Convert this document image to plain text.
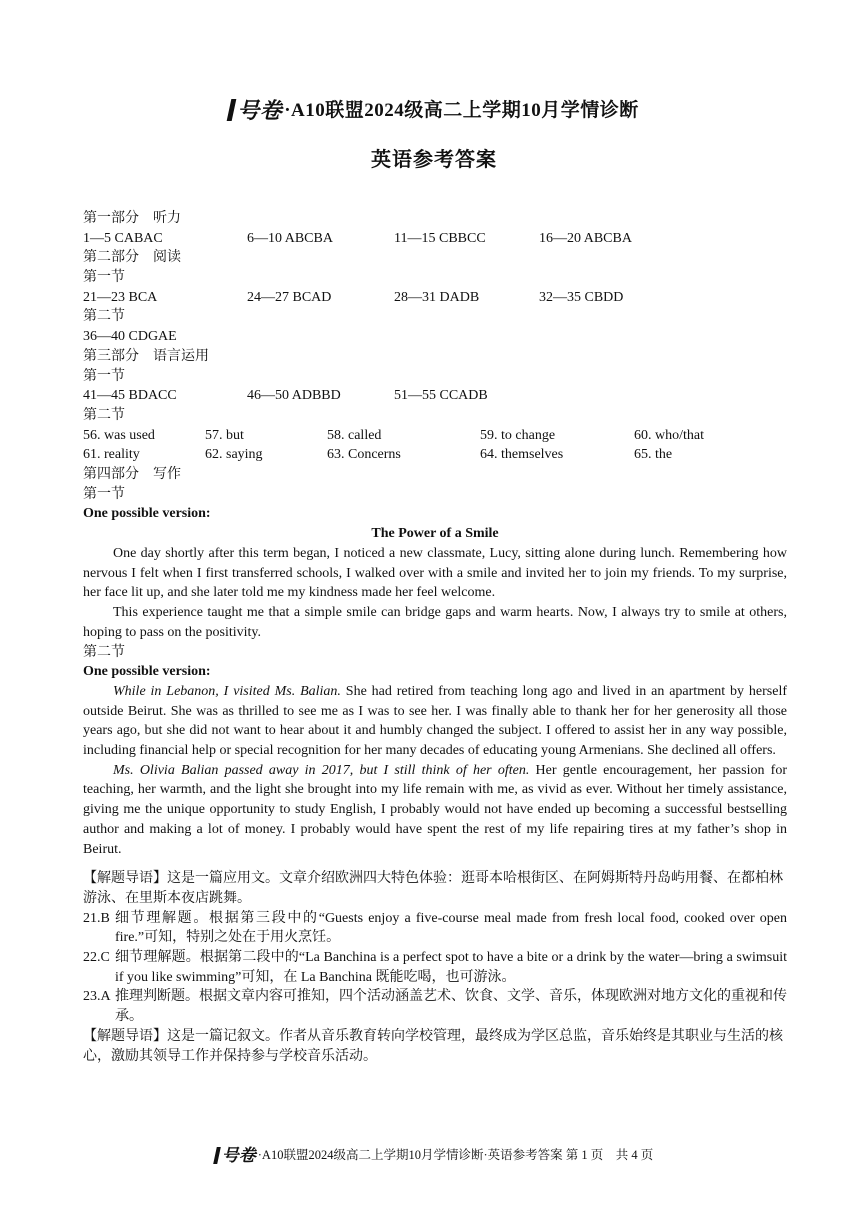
号卷 ·A10联盟2024级高二上学期10月学情诊断
英语参考答案
第一部分　听力
1—5 CABAC	6—10 ABCBA	11—15 CBBCC	16—20 ABCBA
第二部分　阅读
第一节
21—23 BCA	24—27 BCAD	28—31 DADB	32—35 CBDD
第二节
36—40 CDGAE
第三部分　语言运用
第一节
41—45 BDACC	46—50 ADBBD	51—55 CCADB
第二节
56. was used	57. but	58. called	59. to change	60. who/that
61. reality	62. saying	63. Concerns	64. themselves	65. the
第四部分　写作
第一节
One possible version:
The Power of a Smile

One day shortly after this term began, I noticed a new classmate, Lucy, sitting alone during lunch. Remembering how nervous I felt when I first transferred schools, I walked over with a smile and invited her to join my friends. To my surprise, her face lit up, and she later told me my kindness made her feel welcome.

This experience taught me that a simple smile can bridge gaps and warm hearts. Now, I always try to smile at others, hoping to pass on the positivity.

第二节
One possible version:

While in Lebanon, I visited Ms. Balian. She had retired from teaching long ago and lived in an apartment by herself outside Beirut. She was as thrilled to see me as I was to see her. I was finally able to thank her for her generosity all those years ago, but she did not want to hear about it and humbly changed the subject. I offered to assist her in any way possible, including financial help or special recognition for her many decades of educating young Armenians. She declined all offers.

Ms. Olivia Balian passed away in 2017, but I still think of her often. Her gentle encouragement, her passion for teaching, her warmth, and the light she brought into my life remain with me, as vivid as ever. Without her timely assistance, giving me the unique opportunity to study English, I probably would not have ended up becoming a successful bestselling author and making a lot of money. I probably would have spent the rest of my life repairing tires at my father’s shop in Beirut.

【解题导语】这是一篇应用文。文章介绍欧洲四大特色体验：逛哥本哈根街区、在阿姆斯特丹岛屿用餐、在都柏林游泳、在里斯本夜店跳舞。
21.B 细节理解题。根据第三段中的“Guests enjoy a five-course meal made from fresh local food, cooked over open fire.”可知，特别之处在于用火烹饪。
22.C 细节理解题。根据第二段中的“La Banchina is a perfect spot to have a bite or a drink by the water—bring a swimsuit if you like swimming”可知，在 La Banchina 既能吃喝，也可游泳。
23.A 推理判断题。根据文章内容可推知，四个活动涵盖艺术、饮食、文学、音乐，体现欧洲对地方文化的重视和传承。
【解题导语】这是一篇记叙文。作者从音乐教育转向学校管理，最终成为学区总监，音乐始终是其职业与生活的核心，激励其领导工作并保持参与学校音乐活动。
号卷 ·A10联盟2024级高二上学期10月学情诊断·英语参考答案 第 1 页　共 4 页
